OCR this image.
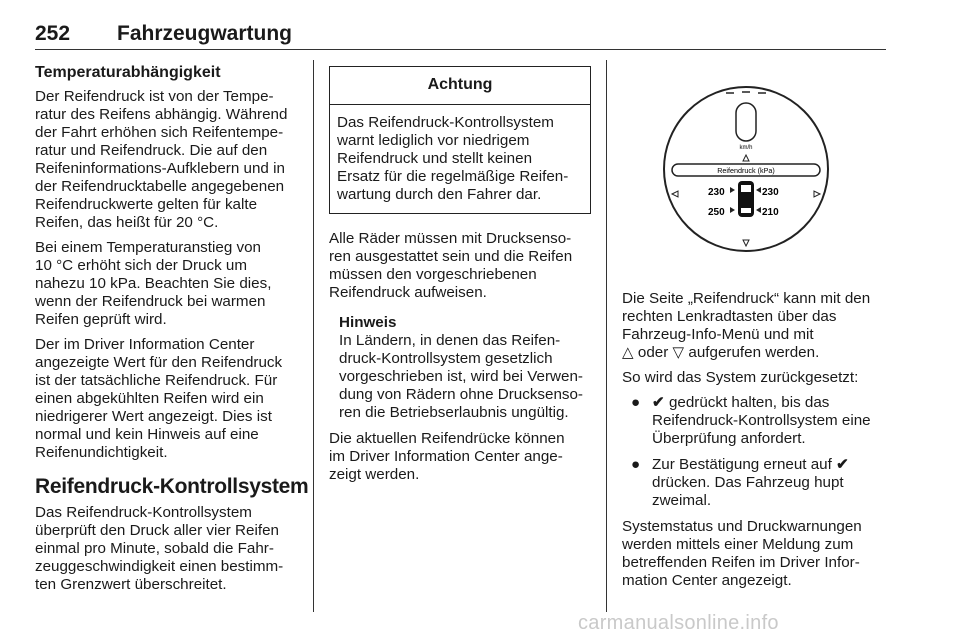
252 Fahrzeugwartung
Temperaturabhängigkeit

Der Reifendruck ist von der Tempe-
ratur des Reifens abhängig. Während
der Fahrt erhöhen sich Reifentempe-
ratur und Reifendruck. Die auf den
Reifeninformations-Aufklebern und in
der Reifendrucktabelle angegebenen
Reifendruckwerte gelten für kalte
Reifen, das heißt für 20 °C.

Bei einem Temperaturanstieg von
10 °C erhöht sich der Druck um
nahezu 10 kPa. Beachten Sie dies,
wenn der Reifendruck bei warmen
Reifen geprüft wird.

Der im Driver Information Center
angezeigte Wert für den Reifendruck
ist der tatsächliche Reifendruck. Für
einen abgekühlten Reifen wird ein
niedrigerer Wert angezeigt. Dies ist
normal und kein Hinweis auf eine
Reifenundichtigkeit.

Reifendruck-Kontrollsystem

Das Reifendruck-Kontrollsystem
überprüft den Druck aller vier Reifen
einmal pro Minute, sobald die Fahr-
zeuggeschwindigkeit einen bestimm-
ten Grenzwert überschreitet.

Achtung

Das Reifendruck-Kontrollsystem
warnt lediglich vor niedrigem
Reifendruck und stellt keinen
Ersatz für die regelmäßige Reifen-
wartung durch den Fahrer dar.

Alle Räder müssen mit Drucksenso-
ren ausgestattet sein und die Reifen
müssen den vorgeschriebenen
Reifendruck aufweisen.

Hinweis

In Ländern, in denen das Reifen-
druck-Kontrollsystem gesetzlich
vorgeschrieben ist, wird bei Verwen-
dung von Rädern ohne Drucksenso-
ren die Betriebserlaubnis ungültig.

Die aktuellen Reifendrücke können
im Driver Information Center ange-
zeigt werden.

km/h
Reifendruck (kPa)
230	230
250	210

Die Seite „Reifendruck“ kann mit den
rechten Lenkradtasten über das
Fahrzeug-Info-Menü und mit
△ oder ▽ aufgerufen werden.

So wird das System zurückgesetzt:

● ✔ gedrückt halten, bis das
Reifendruck-Kontrollsystem eine
Überprüfung anfordert.

● Zur Bestätigung erneut auf ✔
drücken. Das Fahrzeug hupt
zweimal.

Systemstatus und Druckwarnungen
werden mittels einer Meldung zum
betreffenden Reifen im Driver Infor-
mation Center angezeigt.

carmanualsonline.info
